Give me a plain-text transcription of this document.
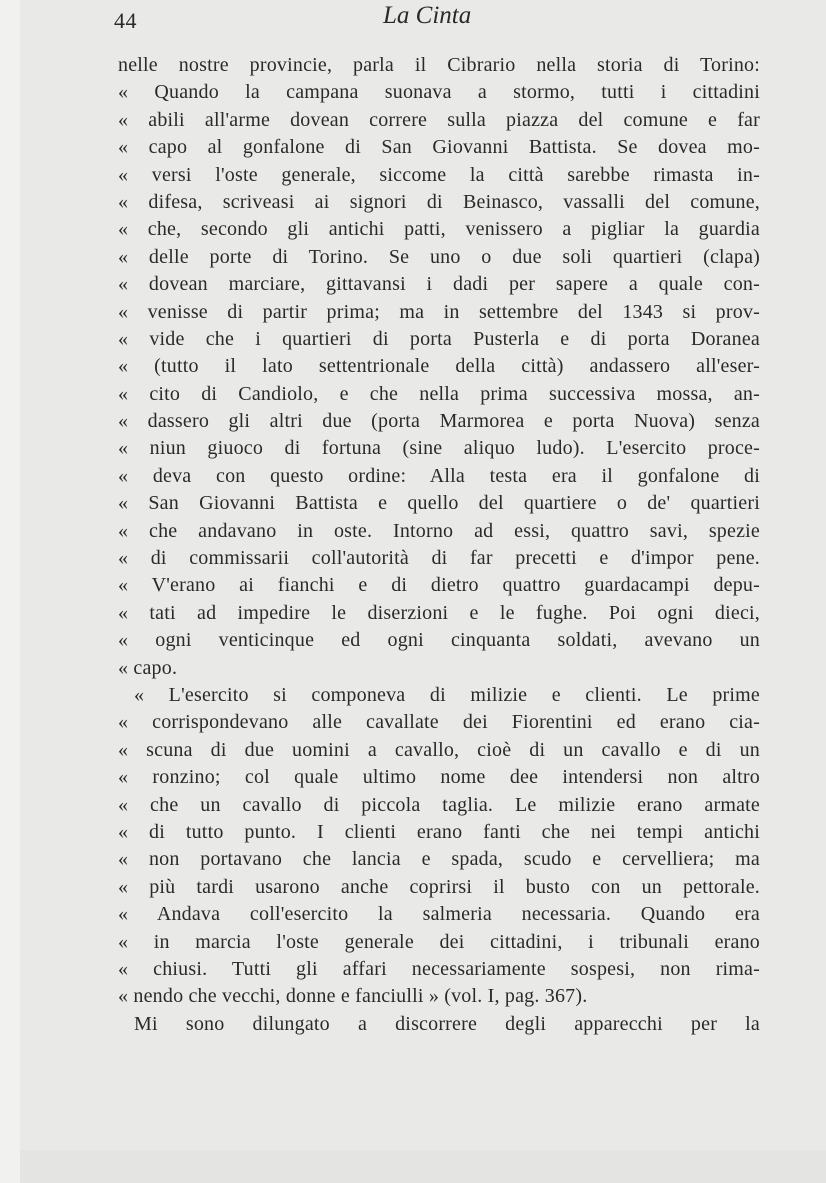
44	La Cinta
nelle nostre provincie, parla il Cibrario nella storia di Torino:
« Quando la campana suonava a stormo, tutti i cittadini
« abili all'arme dovean correre sulla piazza del comune e far
« capo al gonfalone di San Giovanni Battista. Se dovea mo-
« versi l'oste generale, siccome la città sarebbe rimasta in-
« difesa, scriveasi ai signori di Beinasco, vassalli del comune,
« che, secondo gli antichi patti, venissero a pigliar la guardia
« delle porte di Torino. Se uno o due soli quartieri (clapa)
« dovean marciare, gittavansi i dadi per sapere a quale con-
« venisse di partir prima; ma in settembre del 1343 si prov-
« vide che i quartieri di porta Pusterla e di porta Doranea
« (tutto il lato settentrionale della città) andassero all'eser-
« cito di Candiolo, e che nella prima successiva mossa, an-
« dassero gli altri due (porta Marmorea e porta Nuova) senza
« niun giuoco di fortuna (sine aliquo ludo). L'esercito proce-
« deva con questo ordine: Alla testa era il gonfalone di
« San Giovanni Battista e quello del quartiere o de' quartieri
« che andavano in oste. Intorno ad essi, quattro savi, spezie
« di commissarii coll'autorità di far precetti e d'impor pene.
« V'erano ai fianchi e di dietro quattro guardacampi depu-
« tati ad impedire le diserzioni e le fughe. Poi ogni dieci,
« ogni venticinque ed ogni cinquanta soldati, avevano un
« capo.
« L'esercito si componeva di milizie e clienti. Le prime
« corrispondevano alle cavallate dei Fiorentini ed erano cia-
« scuna di due uomini a cavallo, cioè di un cavallo e di un
« ronzino; col quale ultimo nome dee intendersi non altro
« che un cavallo di piccola taglia. Le milizie erano armate
« di tutto punto. I clienti erano fanti che nei tempi antichi
« non portavano che lancia e spada, scudo e cervelliera; ma
« più tardi usarono anche coprirsi il busto con un pettorale.
« Andava coll'esercito la salmeria necessaria. Quando era
« in marcia l'oste generale dei cittadini, i tribunali erano
« chiusi. Tutti gli affari necessariamente sospesi, non rima-
« nendo che vecchi, donne e fanciulli » (vol. I, pag. 367).
Mi sono dilungato a discorrere degli apparecchi per la
